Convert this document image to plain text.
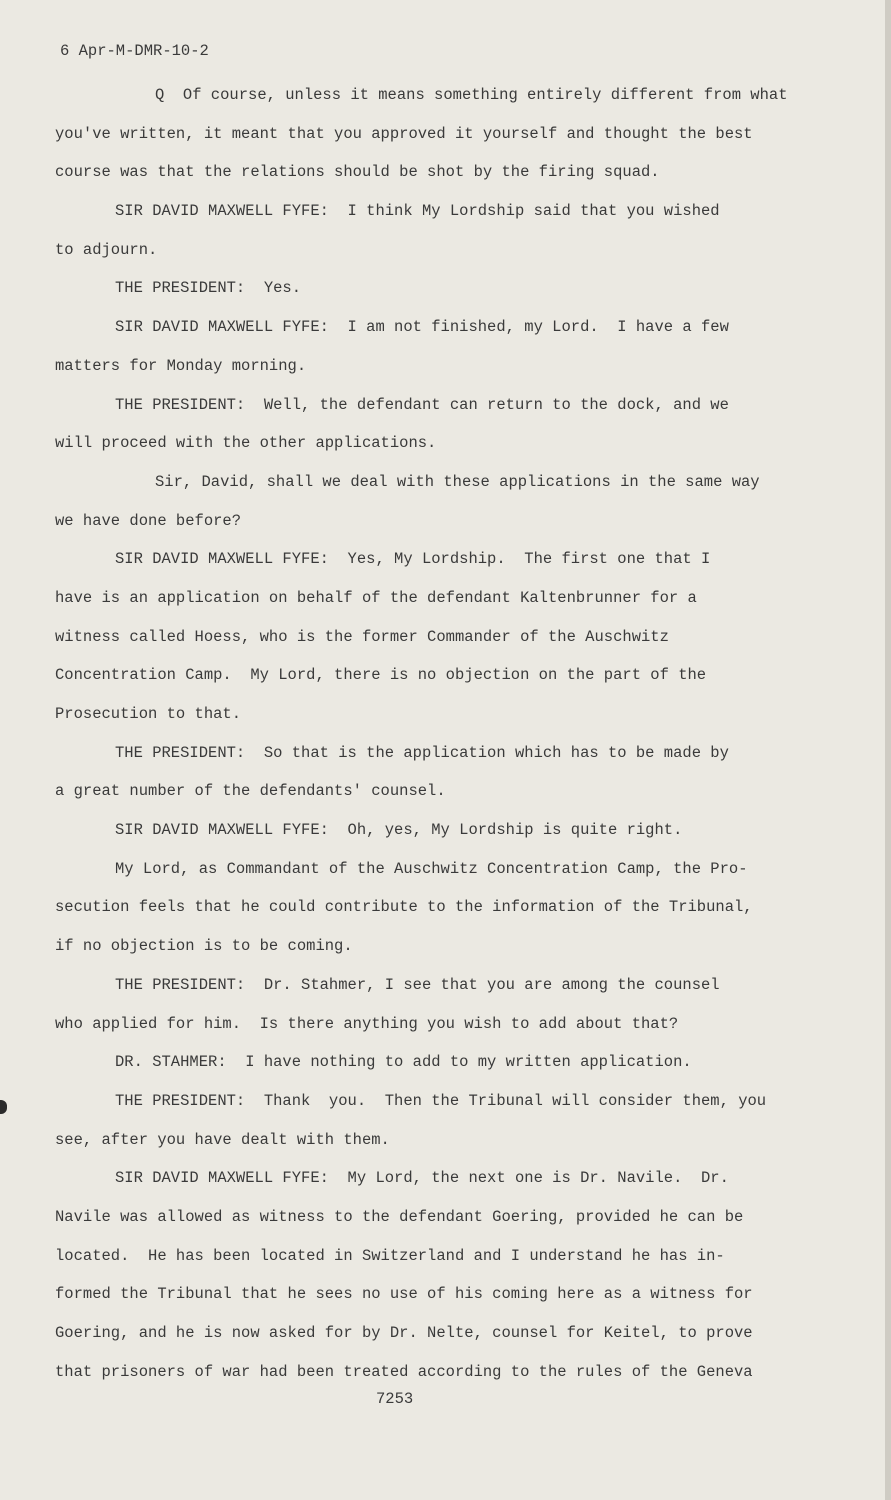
6 Apr-M-DMR-10-2
Q  Of course, unless it means something entirely different from what
you've written, it meant that you approved it yourself and thought the best
course was that the relations should be shot by the firing squad.
SIR DAVID MAXWELL FYFE:  I think My Lordship said that you wished
to adjourn.
THE PRESIDENT:  Yes.
SIR DAVID MAXWELL FYFE:  I am not finished, my Lord.  I have a few
matters for Monday morning.
THE PRESIDENT:  Well, the defendant can return to the dock, and we
will proceed with the other applications.
Sir, David, shall we deal with these applications in the same way
we have done before?
SIR DAVID MAXWELL FYFE:  Yes, My Lordship.  The first one that I
have is an application on behalf of the defendant Kaltenbrunner for a
witness called Hoess, who is the former Commander of the Auschwitz
Concentration Camp.  My Lord, there is no objection on the part of the
Prosecution to that.
THE PRESIDENT:  So that is the application which has to be made by
a great number of the defendants' counsel.
SIR DAVID MAXWELL FYFE:  Oh, yes, My Lordship is quite right.
My Lord, as Commandant of the Auschwitz Concentration Camp, the Pro-
secution feels that he could contribute to the information of the Tribunal,
if no objection is to be coming.
THE PRESIDENT:  Dr. Stahmer, I see that you are among the counsel
who applied for him.  Is there anything you wish to add about that?
DR. STAHMER:  I have nothing to add to my written application.
THE PRESIDENT:  Thank  you.  Then the Tribunal will consider them, you
see, after you have dealt with them.
SIR DAVID MAXWELL FYFE:  My Lord, the next one is Dr. Navile.  Dr.
Navile was allowed as witness to the defendant Goering, provided he can be
located.  He has been located in Switzerland and I understand he has in-
formed the Tribunal that he sees no use of his coming here as a witness for
Goering, and he is now asked for by Dr. Nelte, counsel for Keitel, to prove
that prisoners of war had been treated according to the rules of the Geneva
7253
